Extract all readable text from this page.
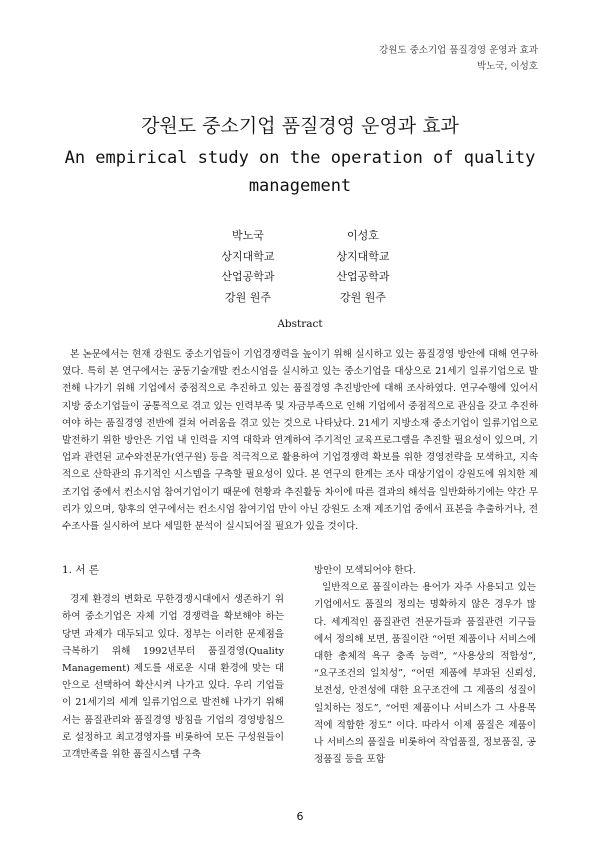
강원도 중소기업 품질경영 운영과 효과
박노국, 이성호
강원도 중소기업 품질경영 운영과 효과
An empirical study on the operation of quality management
박노국
상지대학교
산업공학과
강원 원주
이성호
상지대학교
산업공학과
강원 원주
Abstract
본 논문에서는 현재 강원도 중소기업들이 기업경쟁력을 높이기 위해 실시하고 있는 품질경영 방안에 대해 연구하였다. 특히 본 연구에서는 공동기술개발 컨소시엄을 실시하고 있는 중소기업을 대상으로 21세기 일류기업으로 발전해 나가기 위해 기업에서 중점적으로 추진하고 있는 품질경영 추진방안에 대해 조사하였다. 연구수행에 있어서 지방 중소기업들이 공통적으로 겪고 있는 인력부족 및 자금부족으로 인해 기업에서 중점적으로 관심을 갖고 추진하여야 하는 품질경영 전반에 걸쳐 어려움을 겪고 있는 것으로 나타났다. 21세기 지방소재 중소기업이 일류기업으로 발전하기 위한 방안은 기업 내 인력을 지역 대학과 연계하여 주기적인 교육프로그램을 추진할 필요성이 있으며, 기업과 관련된 교수와전문가(연구원) 등을 적극적으로 활용하여 기업경쟁력 확보를 위한 경영전략을 모색하고, 지속적으로 산학관의 유기적인 시스템을 구축할 필요성이 있다. 본 연구의 한계는 조사 대상기업이 강원도에 위치한 제조기업 중에서 컨소시엄 참여기업이기 때문에 현황과 추진활동 차이에 따른 결과의 해석을 일반화하기에는 약간 무리가 있으며, 향후의 연구에서는 컨소시엄 참여기업 만이 아닌 강원도 소재 제조기업 중에서 표본을 추출하거나, 전수조사를 실시하여 보다 세밀한 분석이 실시되어질 필요가 있을 것이다.
1. 서 론

경제 환경의 변화로 무한경쟁시대에서 생존하기 위하여 중소기업은 자체 기업 경쟁력을 확보해야 하는 당면 과제가 대두되고 있다. 정부는 이러한 문제점을 극복하기 위해 1992년부터 품질경영(Quality Management) 제도를 새로운 시대 환경에 맞는 대안으로 선택하여 확산시켜 나가고 있다. 우리 기업들이 21세기의 세계 일류기업으로 발전해 나가기 위해서는 품질관리와 품질경영 방침을 기업의 경영방침으로 설정하고 최고경영자를 비롯하여 모든 구성원들이 고객만족을 위한 품질시스템 구축

방안이 모색되어야 한다.

일반적으로 품질이라는 용어가 자주 사용되고 있는 기업에서도 품질의 정의는 명확하지 않은 경우가 많다. 세계적인 품질관련 전문가들과 품질관련 기구들에서 정의해 보면, 품질이란 “어떤 제품이나 서비스에 대한 총체적 욕구 충족 능력”, “사용상의 적합성”, “요구조건의 일치성”, “어떤 제품에 부과된 신뢰성, 보전성, 안전성에 대한 요구조건에 그 제품의 성질이 일치하는 정도”, “어떤 제품이나 서비스가 그 사용목적에 적합한 정도” 이다. 따라서 이제 품질은 제품이나 서비스의 품질을 비롯하여 작업품질, 정보품질, 공정품질 등을 포함

6
